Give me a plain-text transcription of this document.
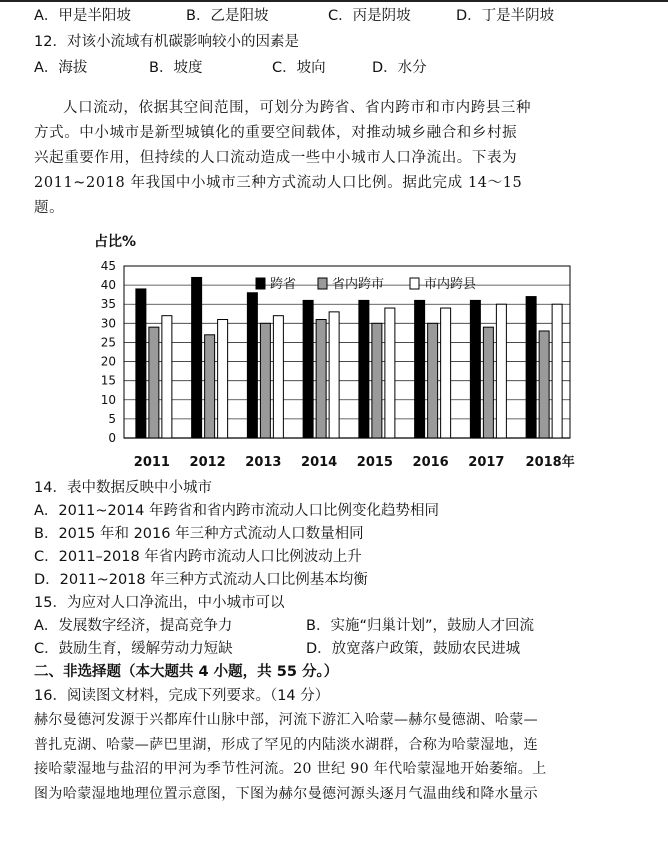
A．甲是半阳坡	B．乙是阳坡	C．丙是阴坡	D．丁是半阴坡
12．对该小流域有机碳影响较小的因素是
A．海拔	B．坡度	C．坡向	D．水分
人口流动，依据其空间范围，可划分为跨省、省内跨市和市内跨县三种
方式。中小城市是新型城镇化的重要空间载体，对推动城乡融合和乡村振
兴起重要作用，但持续的人口流动造成一些中小城市人口净流出。下表为
2011~2018 年我国中小城市三种方式流动人口比例。据此完成 14～15
题。
占比%
0
5
10
15
20
25
30
35
40
45
2011 2012 2013 2014 2015 2016 2017 2018年
跨省	省内跨市	市内跨县
14．表中数据反映中小城市
A．2011~2014 年跨省和省内跨市流动人口比例变化趋势相同
B．2015 年和 2016 年三种方式流动人口数量相同
C．2011–2018 年省内跨市流动人口比例波动上升
D．2011~2018 年三种方式流动人口比例基本均衡
15．为应对人口净流出，中小城市可以
A．发展数字经济，提高竞争力	B．实施“归巢计划”，鼓励人才回流
C．鼓励生育，缓解劳动力短缺	D．放宽落户政策，鼓励农民进城
二、非选择题（本大题共 4 小题，共 55 分。）
16．阅读图文材料，完成下列要求。（14 分）
赫尔曼德河发源于兴都库什山脉中部，河流下游汇入哈蒙—赫尔曼德湖、哈蒙—
普扎克湖、哈蒙—萨巴里湖，形成了罕见的内陆淡水湖群，合称为哈蒙湿地，连
接哈蒙湿地与盐沼的甲河为季节性河流。20 世纪 90 年代哈蒙湿地开始萎缩。上
图为哈蒙湿地地理位置示意图，下图为赫尔曼德河源头逐月气温曲线和降水量示
